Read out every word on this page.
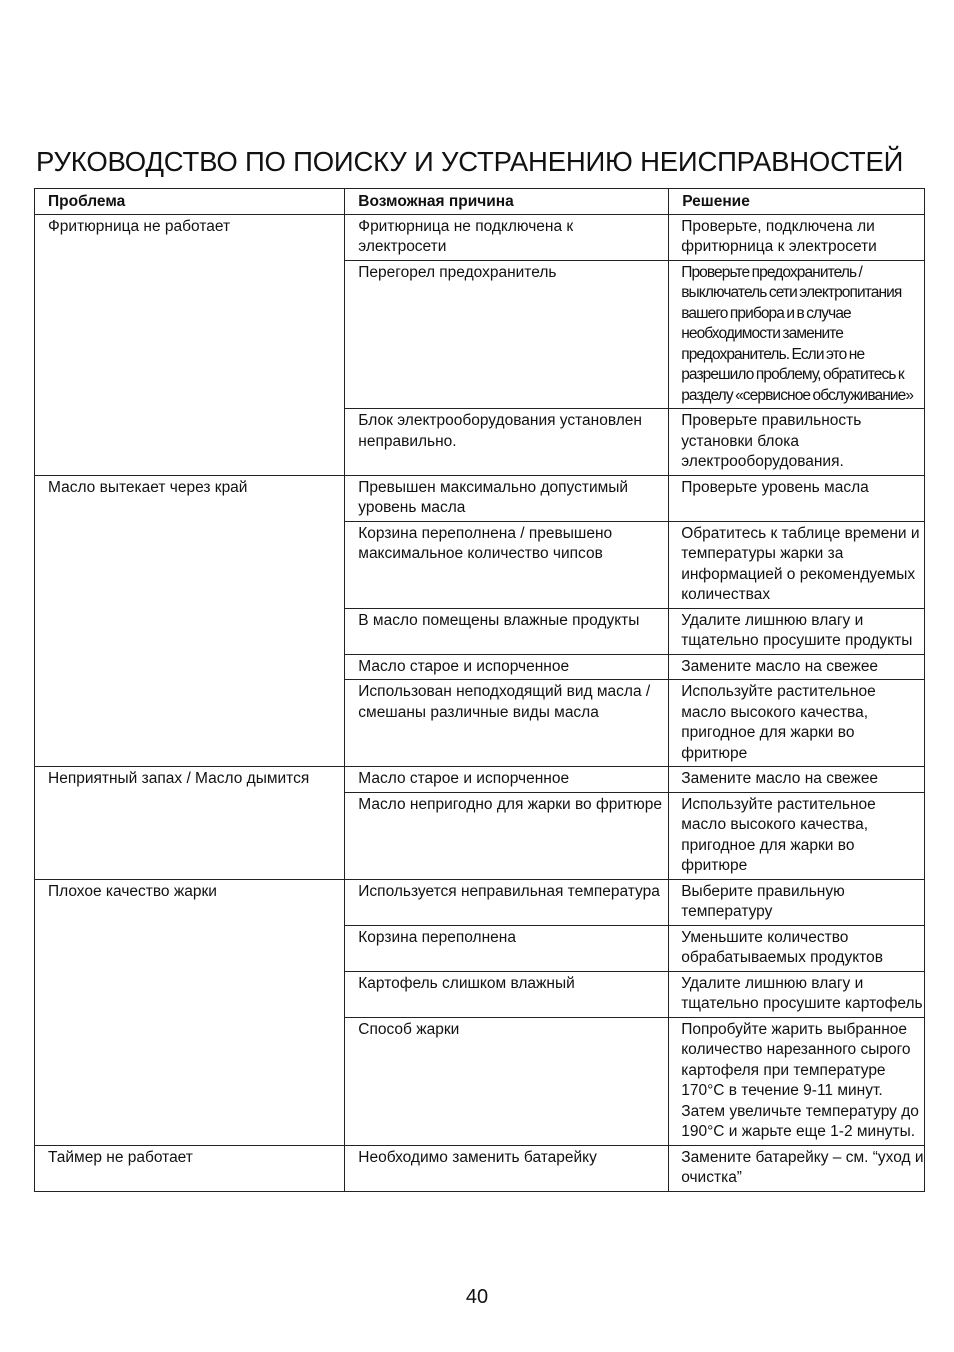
РУКОВОДСТВО ПО ПОИСКУ И УСТРАНЕНИЮ НЕИСПРАВНОСТЕЙ
Проблема	Возможная причина	Решение
Фритюрница не работает	Фритюрница не подключена к электросети	Проверьте, подключена ли фритюрница к электросети
	Перегорел предохранитель	Проверьте предохранитель / выключатель сети электропитания вашего прибора и в случае необходимости замените предохранитель. Если это не разрешило проблему, обратитесь к разделу «сервисное обслуживание»
	Блок электрооборудования установлен неправильно.	Проверьте правильность установки блока электрооборудования.
Масло вытекает через край	Превышен максимально допустимый уровень масла	Проверьте уровень масла
	Корзина переполнена / превышено максимальное количество чипсов	Обратитесь к таблице времени и температуры жарки за информацией о рекомендуемых количествах
	В масло помещены влажные продукты	Удалите лишнюю влагу и тщательно просушите продукты
	Масло старое и испорченное	Замените масло на свежее
	Использован неподходящий вид масла / смешаны различные виды масла	Используйте растительное масло высокого качества, пригодное для жарки во фритюре
Неприятный запах / Масло дымится	Масло старое и испорченное	Замените масло на свежее
	Масло непригодно для жарки во фритюре	Используйте растительное масло высокого качества, пригодное для жарки во фритюре
Плохое качество жарки	Используется неправильная температура	Выберите правильную температуру
	Корзина переполнена	Уменьшите количество обрабатываемых продуктов
	Картофель слишком влажный	Удалите лишнюю влагу и тщательно просушите картофель
	Способ жарки	Попробуйте жарить выбранное количество нарезанного сырого картофеля при температуре 170°C в течение 9-11 минут. Затем увеличьте температуру до 190°C и жарьте еще 1-2 минуты.
Таймер не работает	Необходимо заменить батарейку	Замените батарейку – см. “уход и очистка”
40
